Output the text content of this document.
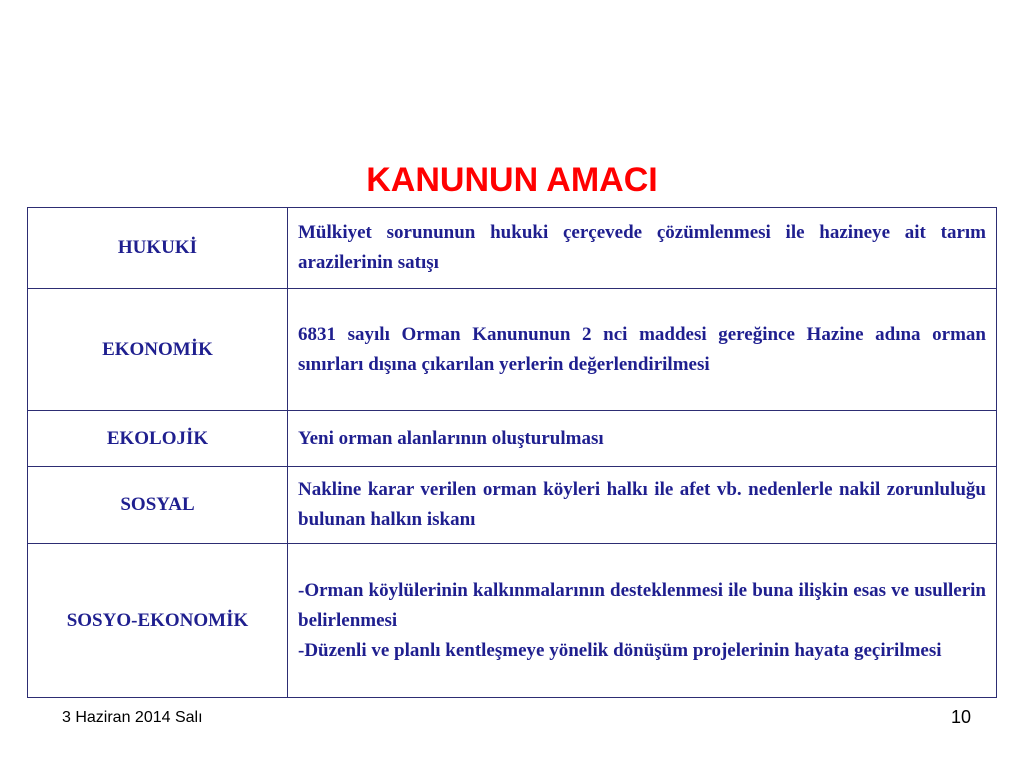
KANUNUN AMACI
HUKUKİ	Mülkiyet sorununun hukuki çerçevede çözümlenmesi ile hazineye ait tarım arazilerinin satışı

EKONOMİK	6831 sayılı Orman Kanununun 2 nci maddesi gereğince Hazine adına orman sınırları dışına çıkarılan yerlerin değerlendirilmesi

EKOLOJİK	Yeni orman alanlarının oluşturulması

SOSYAL	Nakline karar verilen orman köyleri halkı ile afet vb. nedenlerle nakil zorunluluğu bulunan halkın iskanı

SOSYO-EKONOMİK	-Orman köylülerinin kalkınmalarının desteklenmesi ile buna ilişkin esas ve usullerin belirlenmesi
-Düzenli ve planlı kentleşmeye yönelik dönüşüm projelerinin hayata geçirilmesi
3 Haziran 2014 Salı	10
